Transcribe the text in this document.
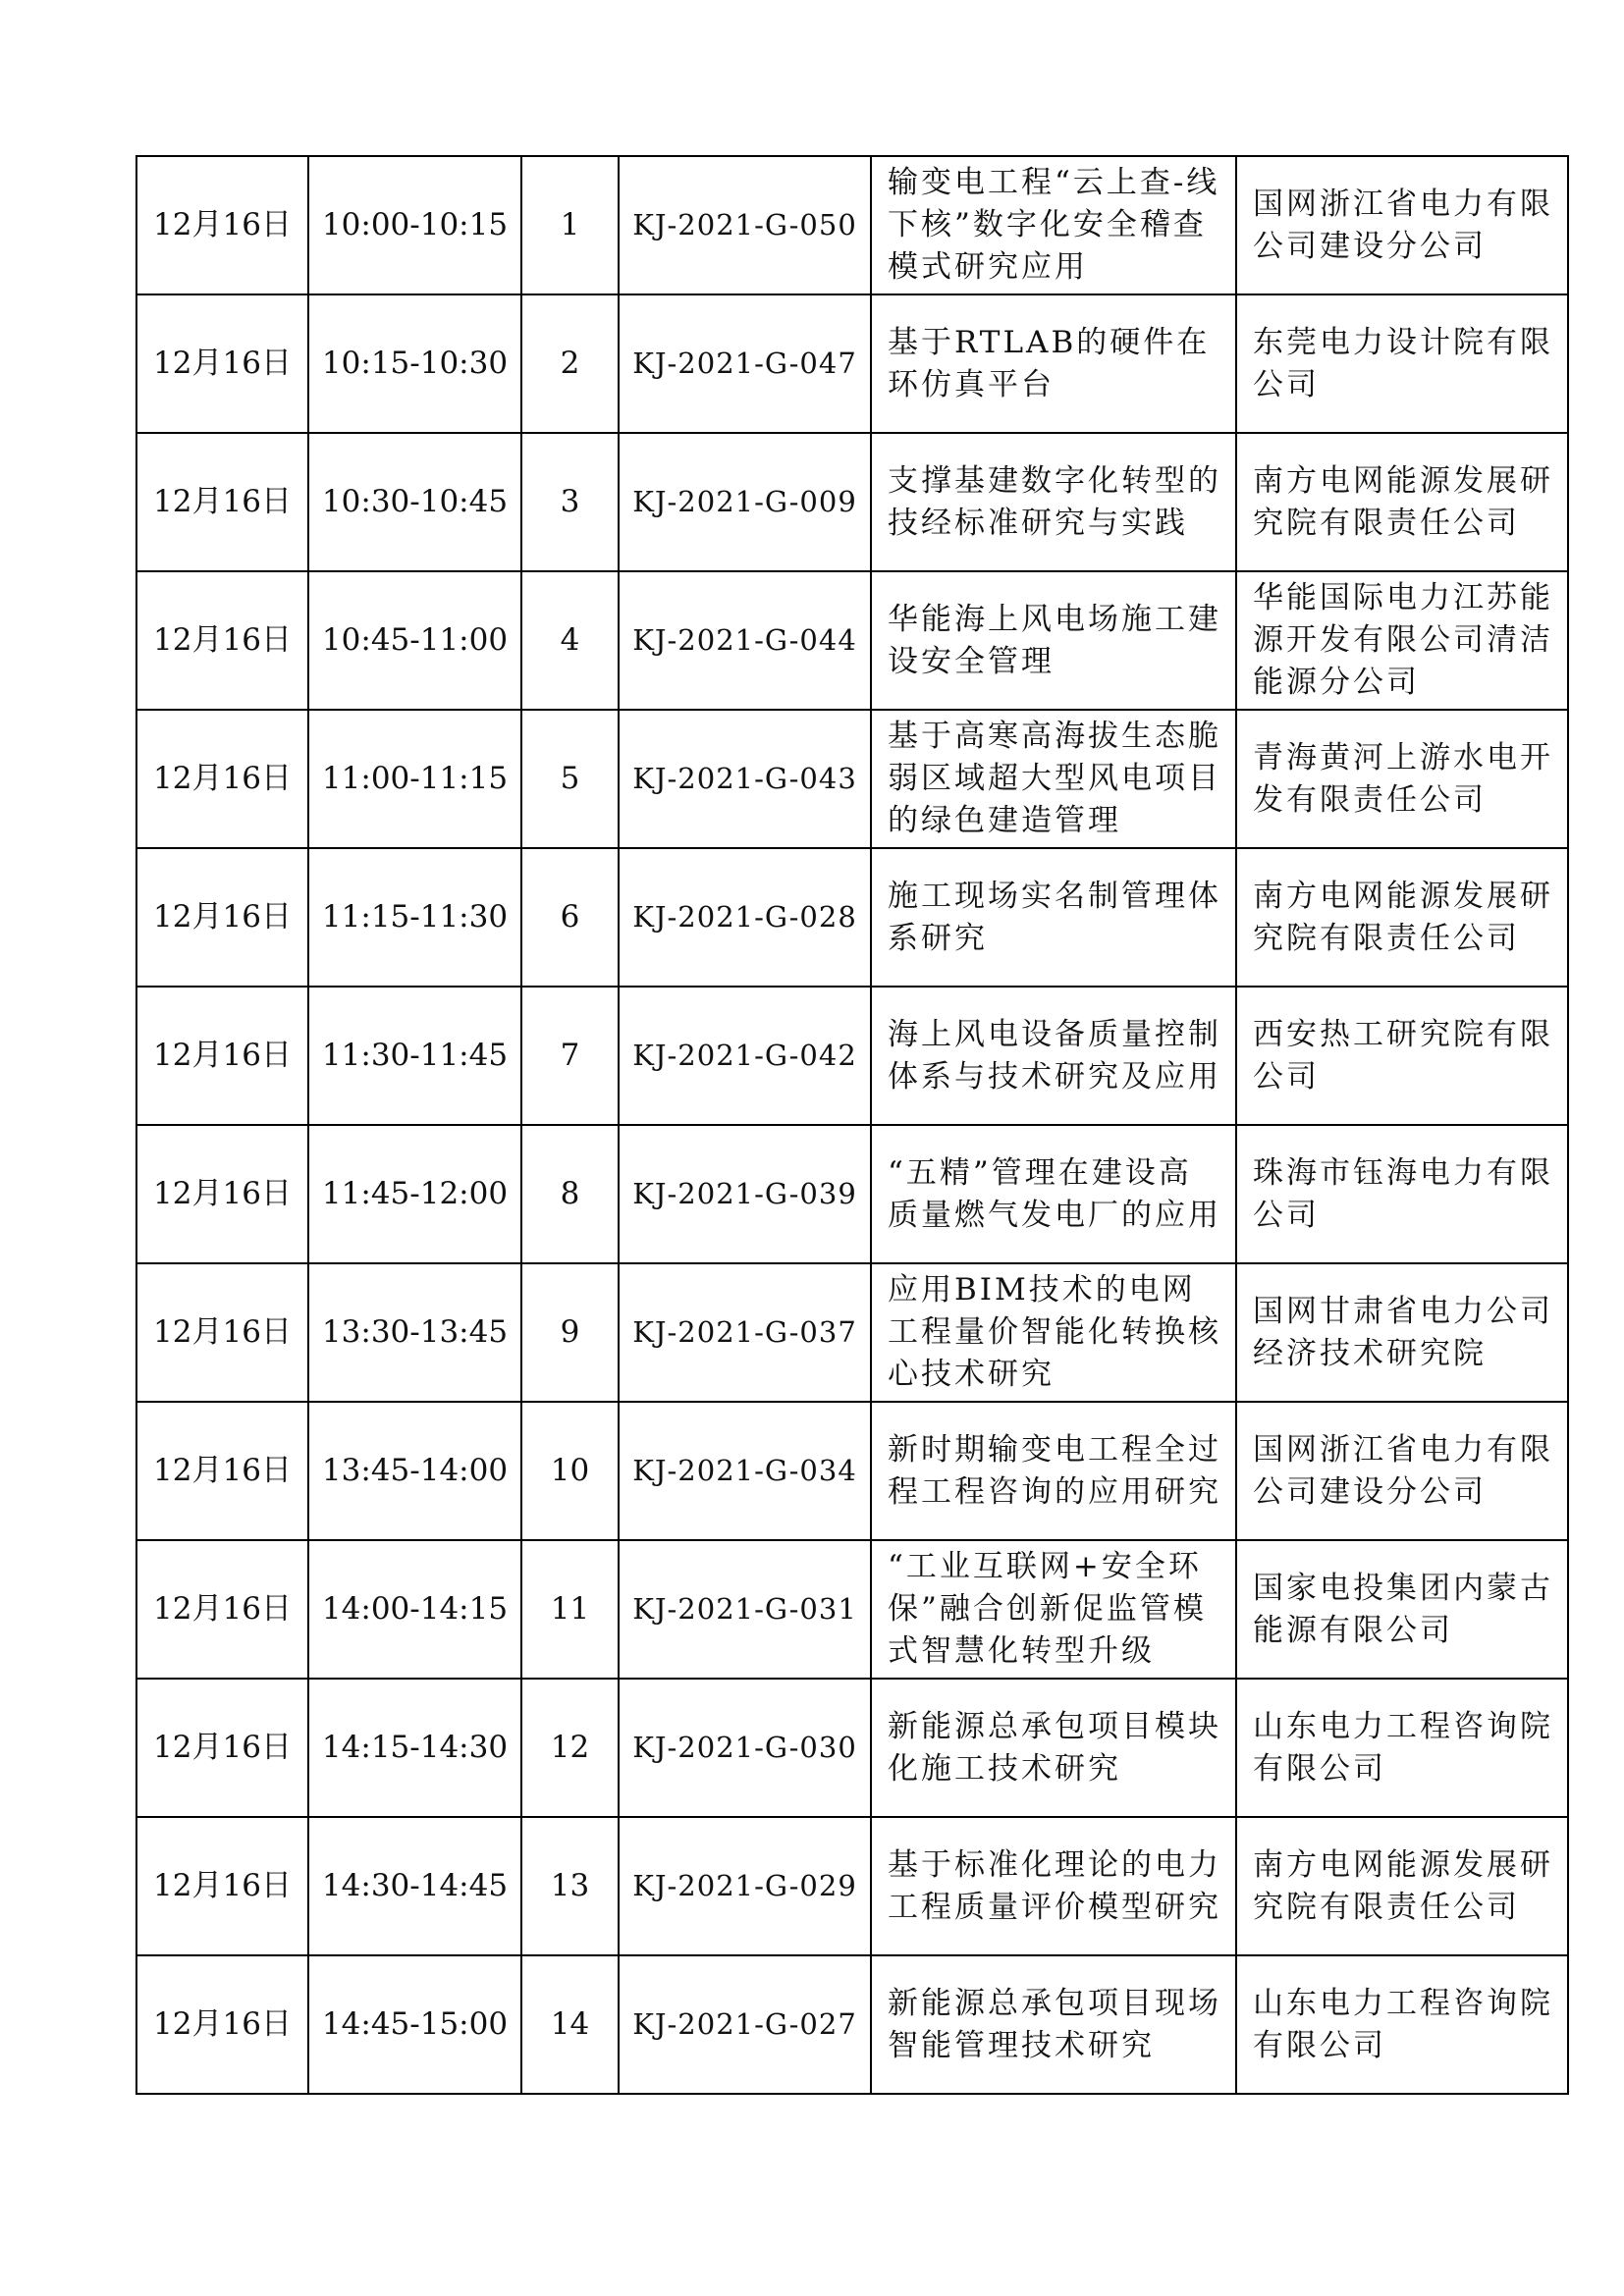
12月16日	10:00-10:15	1	KJ-2021-G-050	输变电工程“云上查-线下核”数字化安全稽查模式研究应用	国网浙江省电力有限公司建设分公司
12月16日	10:15-10:30	2	KJ-2021-G-047	基于RTLAB的硬件在环仿真平台	东莞电力设计院有限公司
12月16日	10:30-10:45	3	KJ-2021-G-009	支撑基建数字化转型的技经标准研究与实践	南方电网能源发展研究院有限责任公司
12月16日	10:45-11:00	4	KJ-2021-G-044	华能海上风电场施工建设安全管理	华能国际电力江苏能源开发有限公司清洁能源分公司
12月16日	11:00-11:15	5	KJ-2021-G-043	基于高寒高海拔生态脆弱区域超大型风电项目的绿色建造管理	青海黄河上游水电开发有限责任公司
12月16日	11:15-11:30	6	KJ-2021-G-028	施工现场实名制管理体系研究	南方电网能源发展研究院有限责任公司
12月16日	11:30-11:45	7	KJ-2021-G-042	海上风电设备质量控制体系与技术研究及应用	西安热工研究院有限公司
12月16日	11:45-12:00	8	KJ-2021-G-039	“五精”管理在建设高质量燃气发电厂的应用	珠海市钰海电力有限公司
12月16日	13:30-13:45	9	KJ-2021-G-037	应用BIM技术的电网工程量价智能化转换核心技术研究	国网甘肃省电力公司经济技术研究院
12月16日	13:45-14:00	10	KJ-2021-G-034	新时期输变电工程全过程工程咨询的应用研究	国网浙江省电力有限公司建设分公司
12月16日	14:00-14:15	11	KJ-2021-G-031	“工业互联网+安全环保”融合创新促监管模式智慧化转型升级	国家电投集团内蒙古能源有限公司
12月16日	14:15-14:30	12	KJ-2021-G-030	新能源总承包项目模块化施工技术研究	山东电力工程咨询院有限公司
12月16日	14:30-14:45	13	KJ-2021-G-029	基于标准化理论的电力工程质量评价模型研究	南方电网能源发展研究院有限责任公司
12月16日	14:45-15:00	14	KJ-2021-G-027	新能源总承包项目现场智能管理技术研究	山东电力工程咨询院有限公司
